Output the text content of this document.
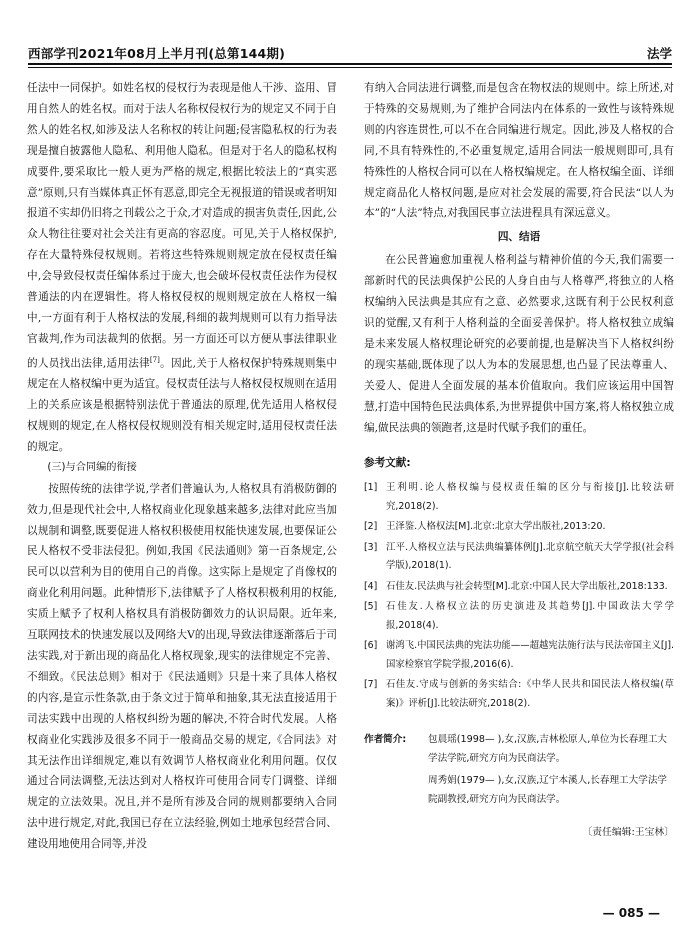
西部学刊2021年08月上半月刊(总第144期)	法学

任法中一同保护。如姓名权的侵权行为表现是他人干涉、盗用、冒用自然人的姓名权。而对于法人名称权侵权行为的规定又不同于自然人的姓名权,如涉及法人名称权的转让问题;侵害隐私权的行为表现是擅自披露他人隐私、利用他人隐私。但是对于名人的隐私权构成要件,要采取比一般人更为严格的规定,根据比较法上的“真实恶意”原则,只有当媒体真正怀有恶意,即完全无视报道的错误或者明知报道不实却仍旧将之刊载公之于众,才对造成的损害负责任,因此,公众人物往往要对社会关注有更高的容忍度。可见,关于人格权保护,存在大量特殊侵权规则。若将这些特殊规则规定放在侵权责任编中,会导致侵权责任编体系过于庞大,也会破坏侵权责任法作为侵权普通法的内在逻辑性。将人格权侵权的规则规定放在人格权一编中,一方面有利于人格权法的发展,科细的裁判规则可以有力指导法官裁判,作为司法裁判的依据。另一方面还可以方便从事法律职业的人员找出法律,适用法律[7]。因此,关于人格权保护特殊规则集中规定在人格权编中更为适宜。侵权责任法与人格权侵权规则在适用上的关系应该是根据特别法优于普通法的原理,优先适用人格权侵权规则的规定,在人格权侵权规则没有相关规定时,适用侵权责任法的规定。

(三)与合同编的衔接

按照传统的法律学说,学者们普遍认为,人格权具有消极防御的效力,但是现代社会中,人格权商业化现象越来越多,法律对此应当加以规制和调整,既要促进人格权积极使用权能快速发展,也要保证公民人格权不受非法侵犯。例如,我国《民法通则》第一百条规定,公民可以以营利为目的使用自己的肖像。这实际上是规定了肖像权的商业化利用问题。此种情形下,法律赋予了人格权积极利用的权能,实质上赋予了权利人格权具有消极防御效力的认识局限。近年来,互联网技术的快速发展以及网络大V的出现,导致法律逐渐落后于司法实践,对于新出现的商品化人格权现象,现实的法律规定不完善、不细致。《民法总则》相对于《民法通则》只是十来了具体人格权的内容,是宣示性条款,由于条文过于简单和抽象,其无法直接适用于司法实践中出现的人格权纠纷为题的解决,不符合时代发展。人格权商业化实践涉及很多不同于一般商品交易的规定,《合同法》对其无法作出详细规定,难以有效调节人格权商业化利用问题。仅仅通过合同法调整,无法达到对人格权许可使用合同专门调整、详细规定的立法效果。况且,并不是所有涉及合同的规则都要纳入合同法中进行规定,对此,我国已存在立法经验,例如土地承包经营合同、建设用地使用合同等,并没

有纳入合同法进行调整,而是包含在物权法的规则中。综上所述,对于特殊的交易规则,为了维护合同法内在体系的一致性与该特殊规则的内容连贯性,可以不在合同编进行规定。因此,涉及人格权的合同,不具有特殊性的,不必重复规定,适用合同法一般规则即可,具有特殊性的人格权合同可以在人格权编规定。在人格权编全面、详细规定商品化人格权问题,是应对社会发展的需要,符合民法“以人为本”的“人法”特点,对我国民事立法进程具有深远意义。

四、结语

在公民普遍愈加重视人格利益与精神价值的今天,我们需要一部新时代的民法典保护公民的人身自由与人格尊严,将独立的人格权编纳入民法典是其应有之意、必然要求,这既有利于公民权利意识的觉醒,又有利于人格利益的全面妥善保护。将人格权独立成编是未来发展人格权理论研究的必要前提,也是解决当下人格权纠纷的现实基础,既体现了以人为本的发展思想,也凸显了民法尊重人、关爱人、促进人全面发展的基本价值取向。我们应该运用中国智慧,打造中国特色民法典体系,为世界提供中国方案,将人格权独立成编,做民法典的领跑者,这是时代赋予我们的重任。

参考文献:
[1] 王利明.论人格权编与侵权责任编的区分与衔接[J].比较法研究,2018(2).
[2] 王泽鉴.人格权法[M].北京:北京大学出版社,2013:20.
[3] 江平.人格权立法与民法典编纂体例[J].北京航空航天大学学报(社会科学版),2018(1).
[4] 石佳友.民法典与社会转型[M].北京:中国人民大学出版社,2018:133.
[5] 石佳友.人格权立法的历史演进及其趋势[J].中国政法大学学报,2018(4).
[6] 谢鸿飞.中国民法典的宪法功能——超越宪法施行法与民法帝国主义[J].国家检察官学院学报,2016(6).
[7] 石佳友.守成与创新的务实结合:《中华人民共和国民法人格权编(草案)》评析[J].比较法研究,2018(2).
作者简介:	包晨瑶(1998— ),女,汉族,吉林松原人,单位为长春理工大学法学院,研究方向为民商法学。
周秀娟(1979— ),女,汉族,辽宁本溪人,长春理工大学法学院副教授,研究方向为民商法学。
〔责任编辑:王宝林〕
— 085 —
